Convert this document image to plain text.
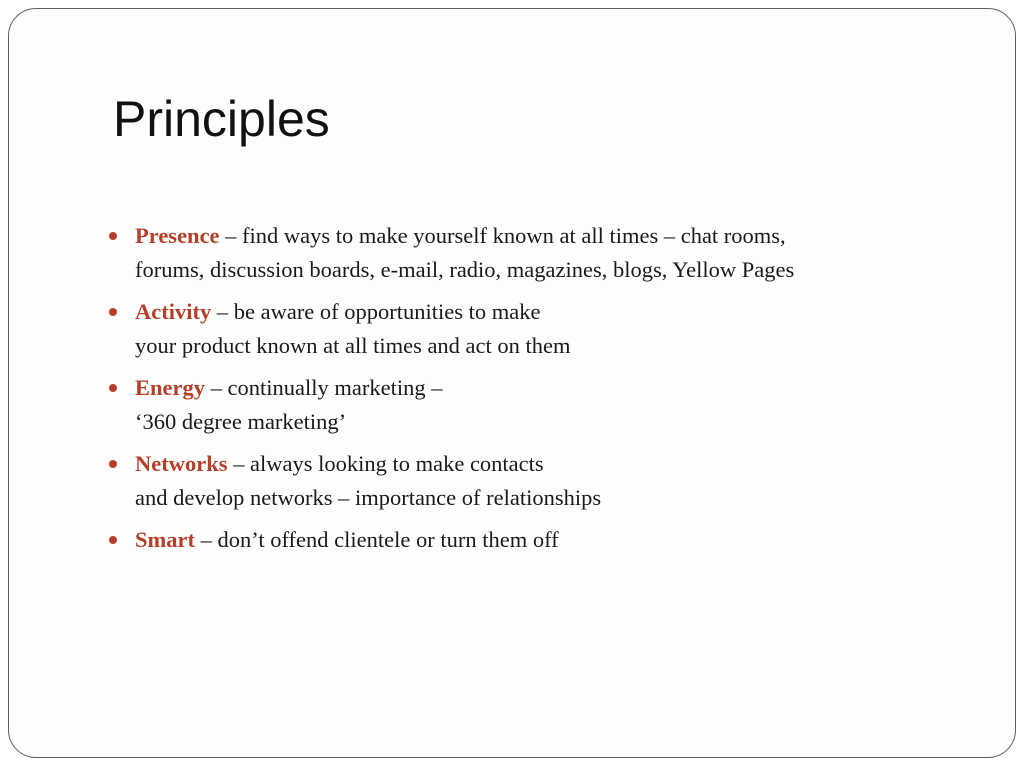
Principles
Presence – find ways to make yourself known at all times – chat rooms,
forums, discussion boards, e-mail, radio, magazines, blogs, Yellow Pages
Activity – be aware of opportunities to make
your product known at all times and act on them
Energy – continually marketing –
‘360 degree marketing’
Networks – always looking to make contacts
and develop networks – importance of relationships
Smart – don’t offend clientele or turn them off
